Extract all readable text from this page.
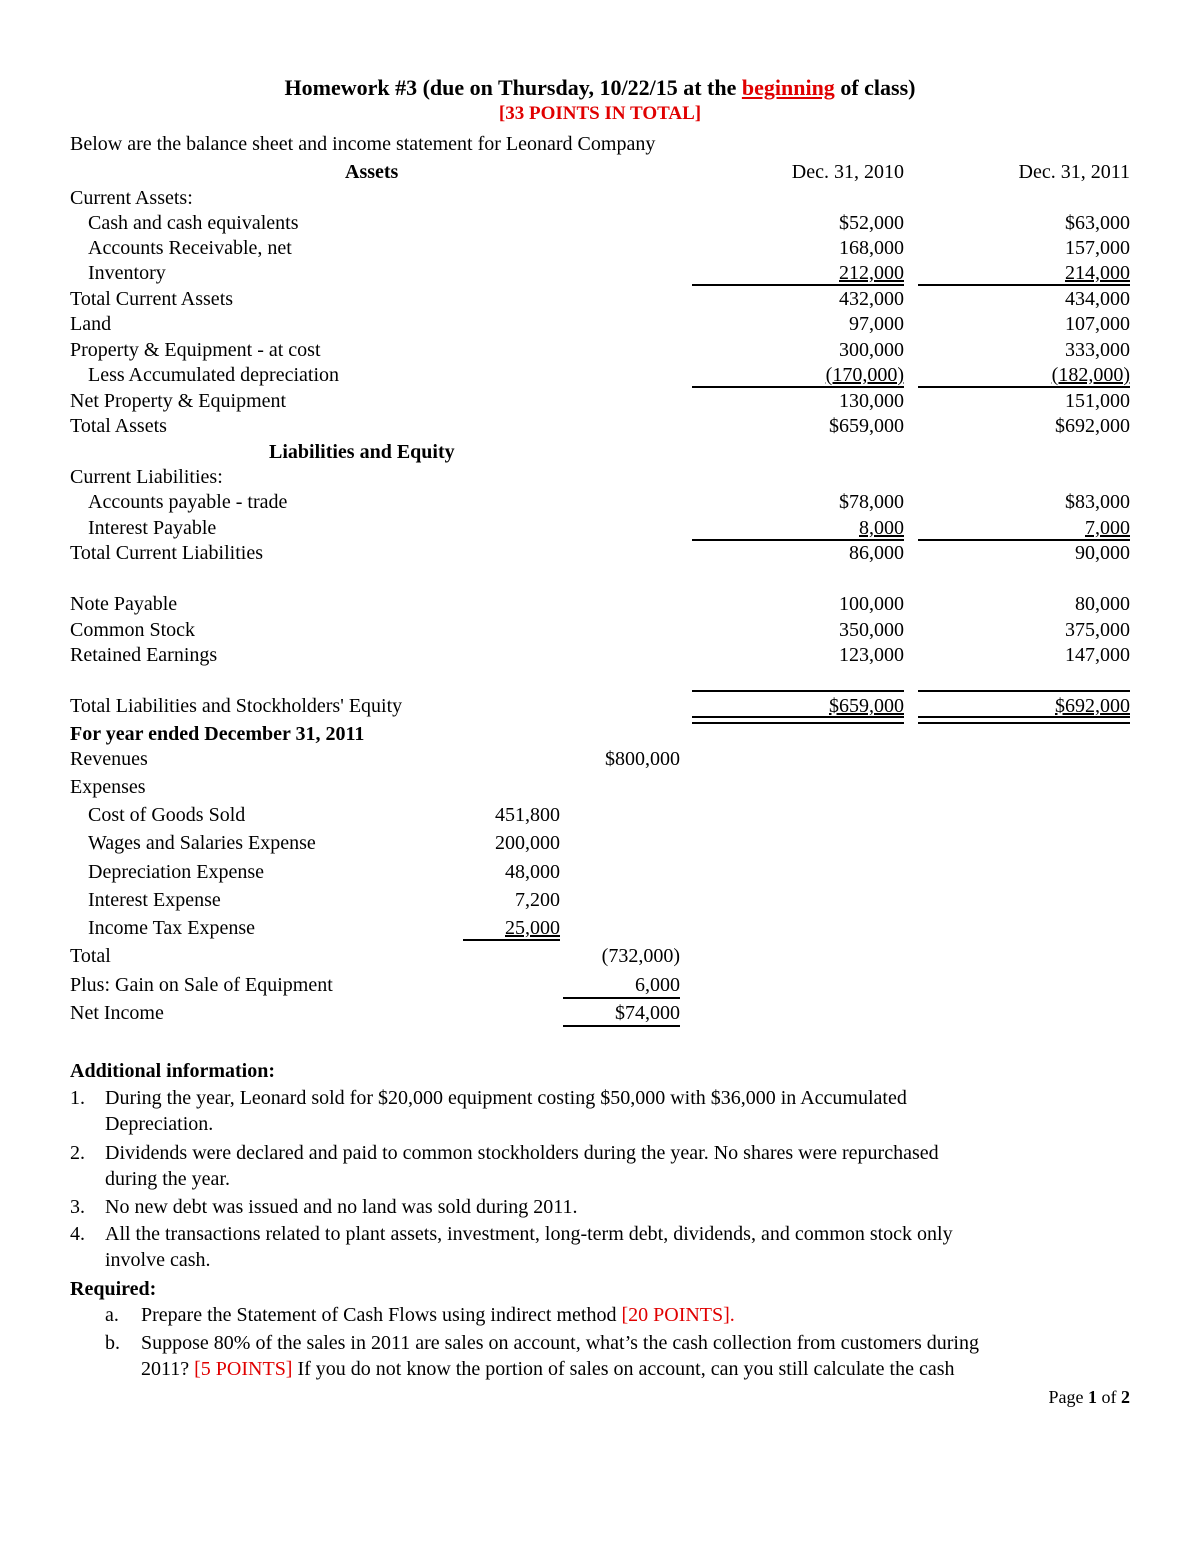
Homework #3 (due on Thursday, 10/22/15 at the beginning of class)
[33 POINTS IN TOTAL]
Below are the balance sheet and income statement for Leonard Company
Assets	Dec. 31, 2010	Dec. 31, 2011
Current Assets:
Cash and cash equivalents	$52,000	$63,000
Accounts Receivable, net	168,000	157,000
Inventory	212,000	214,000
Total Current Assets	432,000	434,000
Land	97,000	107,000
Property & Equipment - at cost	300,000	333,000
Less Accumulated depreciation	(170,000)	(182,000)
Net Property & Equipment	130,000	151,000
Total Assets	$659,000	$692,000
Liabilities and Equity
Current Liabilities:
Accounts payable - trade	$78,000	$83,000
Interest Payable	8,000	7,000
Total Current Liabilities	86,000	90,000
Note Payable	100,000	80,000
Common Stock	350,000	375,000
Retained Earnings	123,000	147,000
Total Liabilities and Stockholders' Equity	$659,000	$692,000
For year ended December 31, 2011
Revenues	$800,000
Expenses
Cost of Goods Sold	451,800
Wages and Salaries Expense	200,000
Depreciation Expense	48,000
Interest Expense	7,200
Income Tax Expense	25,000
Total	(732,000)
Plus: Gain on Sale of Equipment	6,000
Net Income	$74,000
Additional information:
1. During the year, Leonard sold for $20,000 equipment costing $50,000 with $36,000 in Accumulated
Depreciation.
2. Dividends were declared and paid to common stockholders during the year. No shares were repurchased
during the year.
3. No new debt was issued and no land was sold during 2011.
4. All the transactions related to plant assets, investment, long-term debt, dividends, and common stock only
involve cash.
Required:
a. Prepare the Statement of Cash Flows using indirect method [20 POINTS].
b. Suppose 80% of the sales in 2011 are sales on account, what’s the cash collection from customers during
2011? [5 POINTS] If you do not know the portion of sales on account, can you still calculate the cash
Page 1 of 2
